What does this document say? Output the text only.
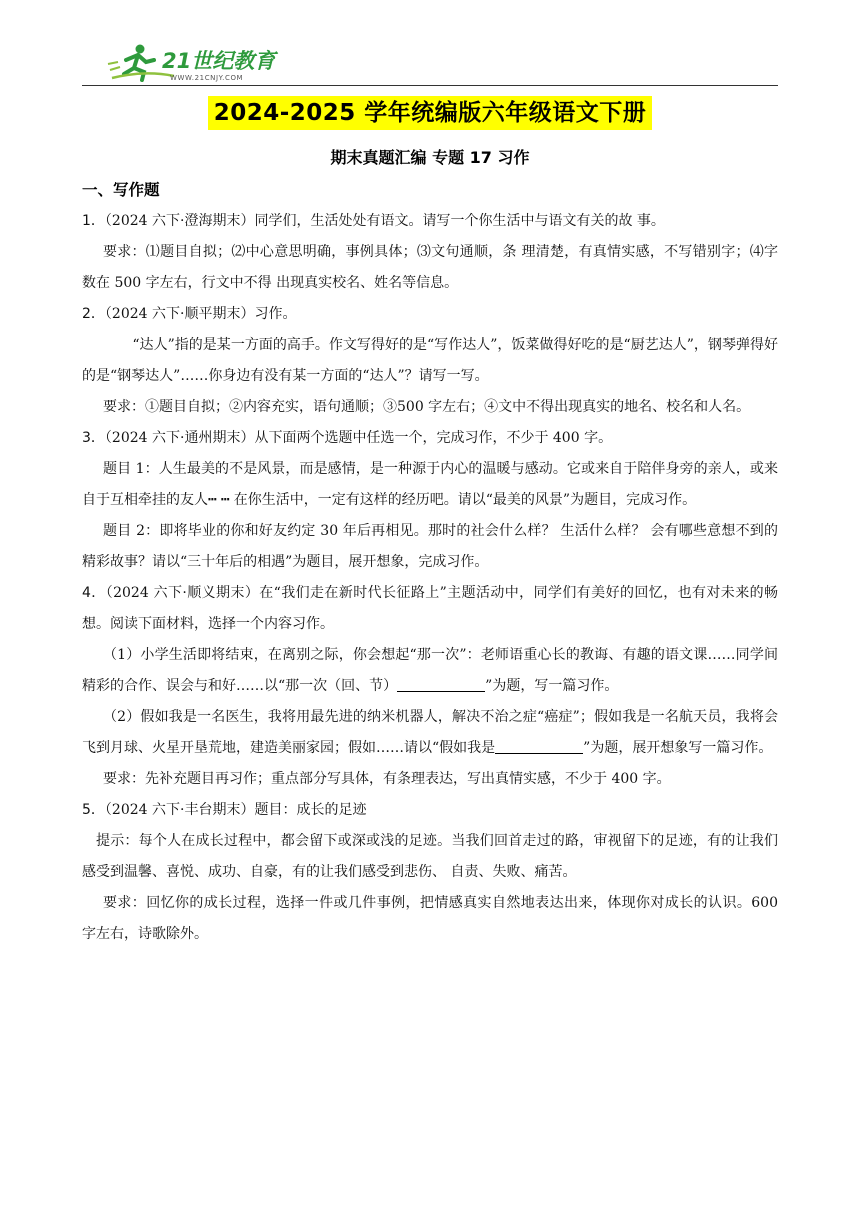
21世纪教育
WWW.21CNJY.COM
2024-2025 学年统编版六年级语文下册
期末真题汇编 专题 17 习作
一、写作题

1．（2024 六下·澄海期末）同学们，生活处处有语文。请写一个你生活中与语文有关的故 事。

要求：⑴题目自拟；⑵中心意思明确，事例具体；⑶文句通顺，条 理清楚，有真情实感，不写错别字；⑷字数在 500 字左右，行文中不得 出现真实校名、姓名等信息。

2．（2024 六下·顺平期末）习作。

“达人”指的是某一方面的高手。作文写得好的是“写作达人”，饭菜做得好吃的是“厨艺达人”，钢琴弹得好的是“钢琴达人”……你身边有没有某一方面的“达人”？请写一写。

要求：①题目自拟；②内容充实，语句通顺；③500 字左右；④文中不得出现真实的地名、校名和人名。

3．（2024 六下·通州期末）从下面两个选题中任选一个，完成习作，不少于 400 字。

题目 1：人生最美的不是风景，而是感情，是一种源于内心的温暖与感动。它或来自于陪伴身旁的亲人，或来自于互相牵挂的友人┅ ┅ 在你生活中，一定有这样的经历吧。请以“最美的风景”为题目，完成习作。

题目 2：即将毕业的你和好友约定 30 年后再相见。那时的社会什么样？ 生活什么样？ 会有哪些意想不到的精彩故事？请以“三十年后的相遇”为题目，展开想象，完成习作。

4．（2024 六下·顺义期末）在“我们走在新时代长征路上”主题活动中，同学们有美好的回忆，也有对未来的畅想。阅读下面材料，选择一个内容习作。

（1）小学生活即将结束，在离别之际，你会想起“那一次”：老师语重心长的教诲、有趣的语文课……同学间精彩的合作、误会与和好……以“那一次（回、节）	”为题，写一篇习作。

（2）假如我是一名医生，我将用最先进的纳米机器人，解决不治之症“癌症”；假如我是一名航天员，我将会飞到月球、火星开垦荒地，建造美丽家园；假如……请以“假如我是	”为题，展开想象写一篇习作。

要求：先补充题目再习作；重点部分写具体，有条理表达，写出真情实感，不少于 400 字。

5．（2024 六下·丰台期末）题目：成长的足迹

提示：每个人在成长过程中，都会留下或深或浅的足迹。当我们回首走过的路，审视留下的足迹，有的让我们感受到温馨、喜悦、成功、自豪，有的让我们感受到悲伤、 自责、失败、痛苦。

要求：回忆你的成长过程，选择一件或几件事例，把情感真实自然地表达出来，体现你对成长的认识。600 字左右，诗歌除外。
